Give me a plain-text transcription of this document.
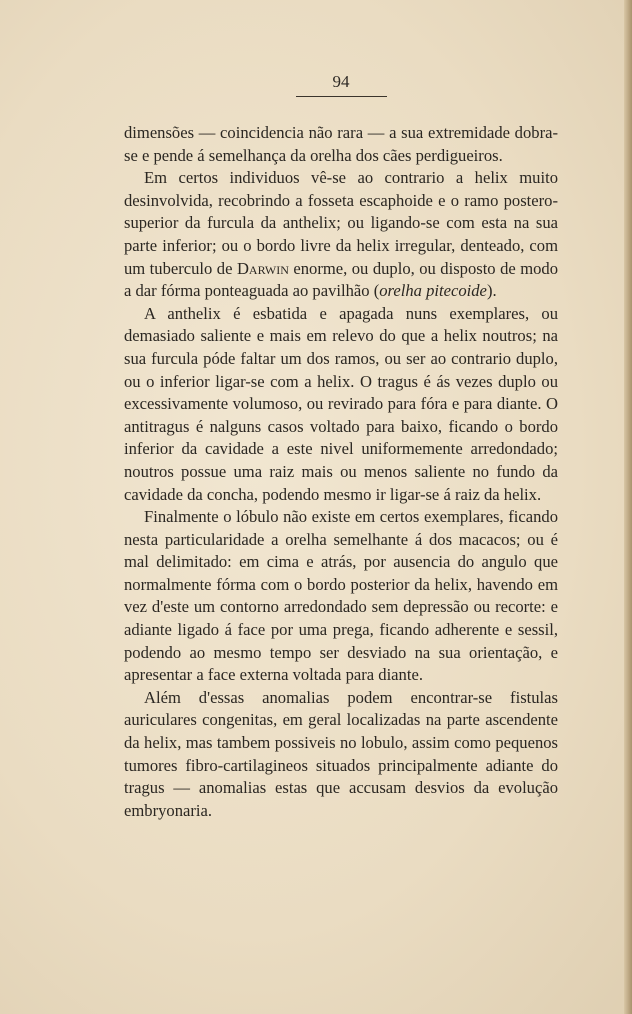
94

dimensões — coincidencia não rara — a sua extremidade dobra-se e pende á semelhança da orelha dos cães perdigueiros.

Em certos individuos vê-se ao contrario a helix muito desinvolvida, recobrindo a fosseta escaphoide e o ramo postero-superior da furcula da anthelix; ou ligando-se com esta na sua parte inferior; ou o bordo livre da helix irregular, denteado, com um tuberculo de Darwin enorme, ou duplo, ou disposto de modo a dar fórma ponteaguada ao pavilhão (orelha pitecoide).

A anthelix é esbatida e apagada nuns exemplares, ou demasiado saliente e mais em relevo do que a helix noutros; na sua furcula póde faltar um dos ramos, ou ser ao contrario duplo, ou o inferior ligar-se com a helix. O tragus é ás vezes duplo ou excessivamente volumoso, ou revirado para fóra e para diante. O antitragus é nalguns casos voltado para baixo, ficando o bordo inferior da cavidade a este nivel uniformemente arredondado; noutros possue uma raiz mais ou menos saliente no fundo da cavidade da concha, podendo mesmo ir ligar-se á raiz da helix.

Finalmente o lóbulo não existe em certos exemplares, ficando nesta particularidade a orelha semelhante á dos macacos; ou é mal delimitado: em cima e atrás, por ausencia do angulo que normalmente fórma com o bordo posterior da helix, havendo em vez d'este um contorno arredondado sem depressão ou recorte: e adiante ligado á face por uma prega, ficando adherente e sessil, podendo ao mesmo tempo ser desviado na sua orientação, e apresentar a face externa voltada para diante.

Além d'essas anomalias podem encontrar-se fistulas auriculares congenitas, em geral localizadas na parte ascendente da helix, mas tambem possiveis no lobulo, assim como pequenos tumores fibro-cartilagineos situados principalmente adiante do tragus — anomalias estas que accusam desvios da evolução embryonaria.
